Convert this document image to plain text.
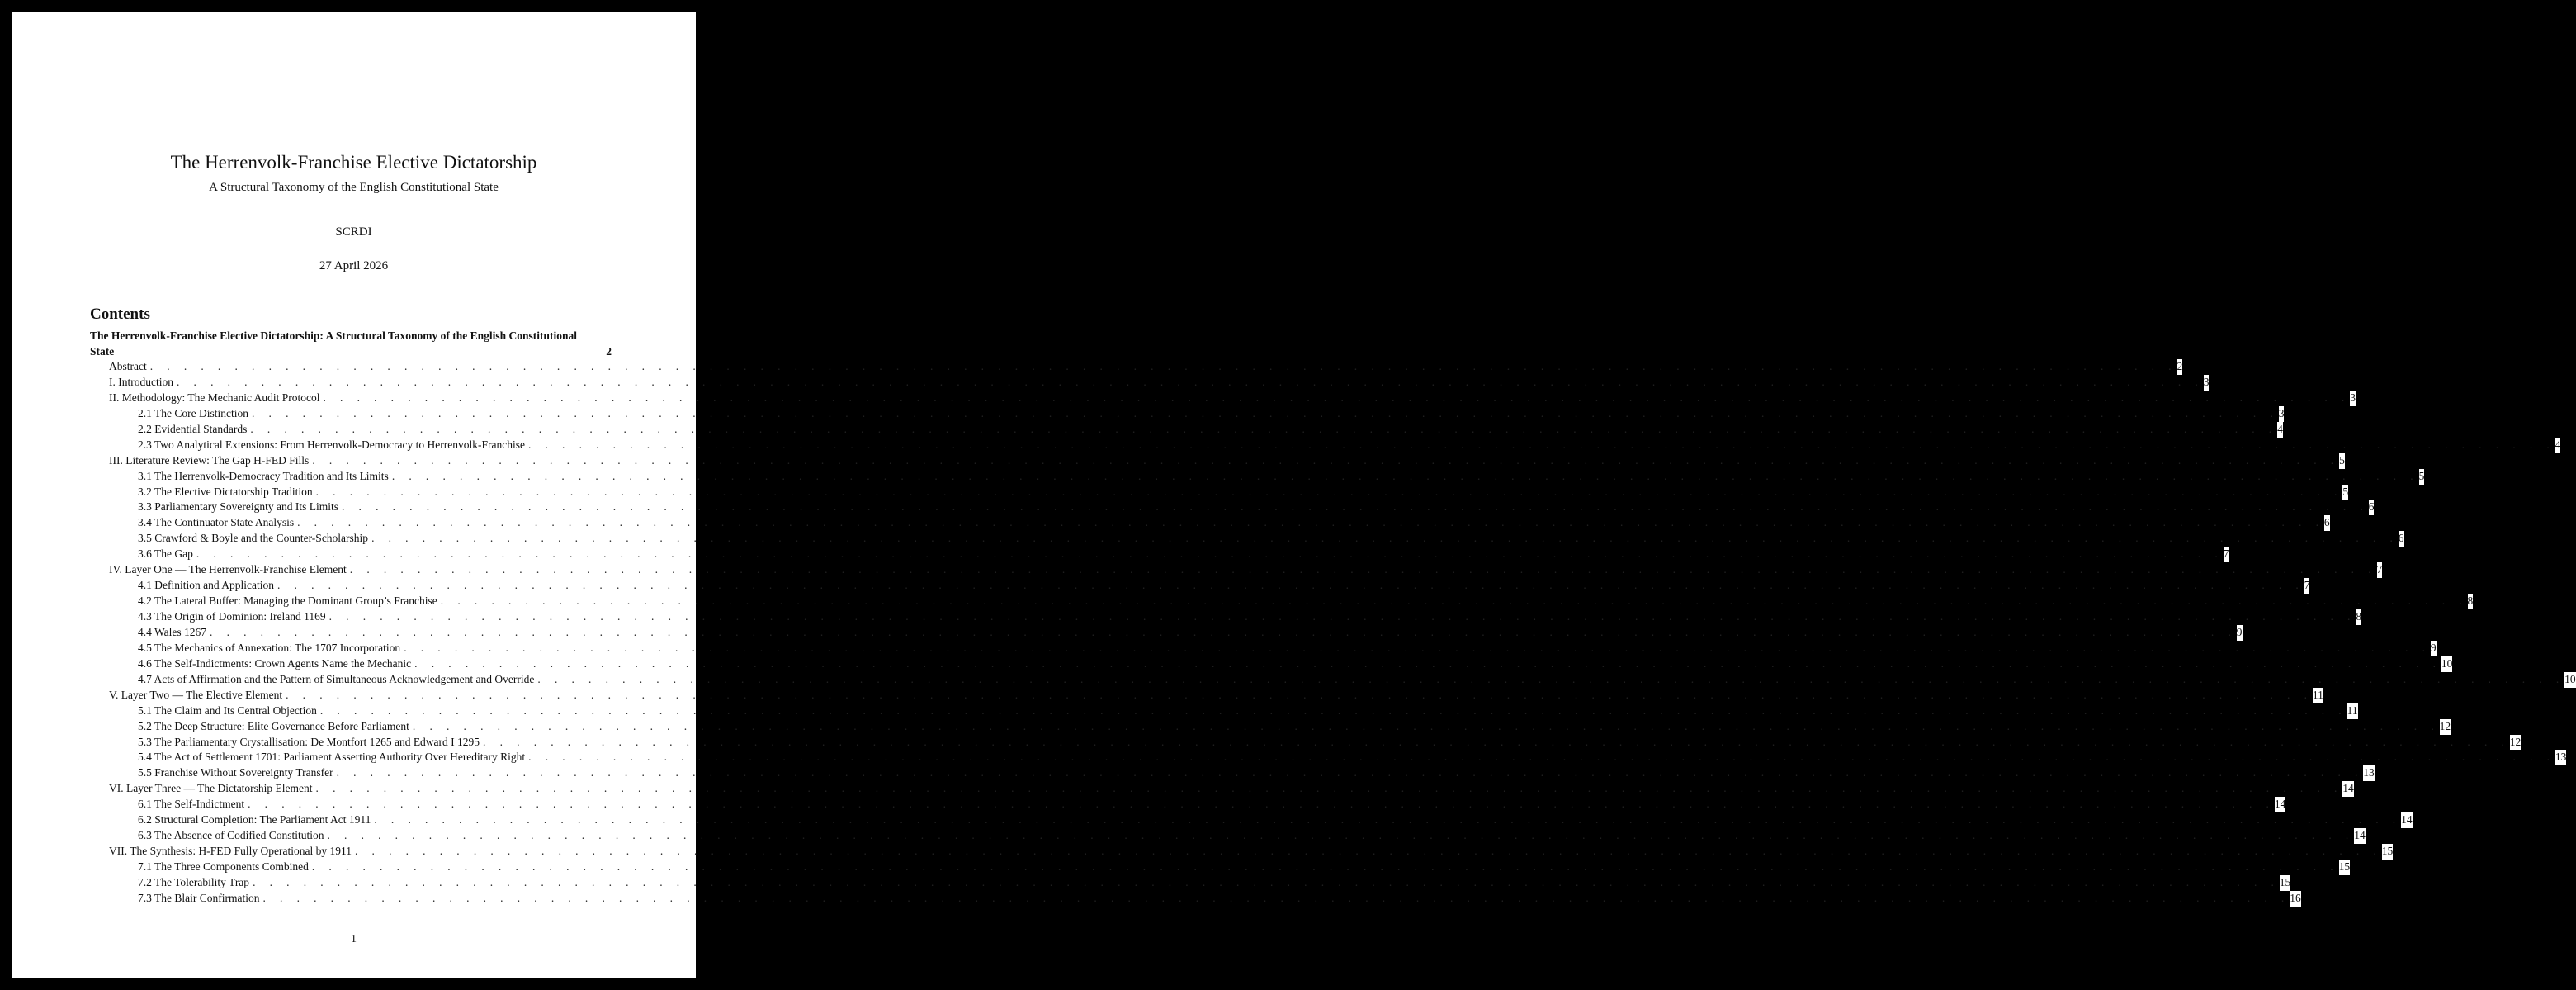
The Herrenvolk-Franchise Elective Dictatorship
A Structural Taxonomy of the English Constitutional State
SCRDI
27 April 2026
Contents
The Herrenvolk-Franchise Elective Dictatorship: A Structural Taxonomy of the English Constitutional State	2
Abstract . . . . . . . . . . . . . . . . . . . . . . . . . . . . . . . . . . . . . . . . . . . . . . . . . . . . . . . . . . . . . . . . . . . . . . . . . . . . . . . . . . . . . . . . . . . . . . . . . . . . . . . . . . . . . . . . . . . . . . . . 2
I. Introduction . . . . . . . . . . . . . . . . . . . . . . . . . . . . . . . . . . . . . . . . . . . . . . . . . . . . . . . . . . . . . . . . . . . . . . . . . . . . . . . . . . . . . . . . . . . . . . . . . . . . . . . . . . . . . . . . . . . . . . . . 3
II. Methodology: The Mechanic Audit Protocol . . . . . . . . . . . . . . . . . . . . . . . . . . . . . . . . . . . . . . . . . . . . . . . . . . . . . . . . . . . . . . . . . . . . . . . . . . . . . . . . . . . . . . . . . . . . . . . . . . . . . . . . . . . . . . . . . . . . . . . . 3
2.1 The Core Distinction . . . . . . . . . . . . . . . . . . . . . . . . . . . . . . . . . . . . . . . . . . . . . . . . . . . . . . . . . . . . . . . . . . . . . . . . . . . . . . . . . . . . . . . . . . . . . . . . . . . . . . . . . . . . . . . . . . . . . . . . 3
2.2 Evidential Standards . . . . . . . . . . . . . . . . . . . . . . . . . . . . . . . . . . . . . . . . . . . . . . . . . . . . . . . . . . . . . . . . . . . . . . . . . . . . . . . . . . . . . . . . . . . . . . . . . . . . . . . . . . . . . . . . . . . . . . . . 4
2.3 Two Analytical Extensions: From Herrenvolk-Democracy to Herrenvolk-Franchise . . . . . . . . . . . . . . . . . . . . . . . . . . . . . . . . . . . . . . . . . . . . . . . . . . . . . . . . . . . . . . . . . . . . . . . . . . . . . . . . . . . . . . . . . . . . . . . . . . . . . . . . . . . . . . . . . . . . . . . . 4
III. Literature Review: The Gap H-FED Fills . . . . . . . . . . . . . . . . . . . . . . . . . . . . . . . . . . . . . . . . . . . . . . . . . . . . . . . . . . . . . . . . . . . . . . . . . . . . . . . . . . . . . . . . . . . . . . . . . . . . . . . . . . . . . . . . . . . . . . . . 5
3.1 The Herrenvolk-Democracy Tradition and Its Limits . . . . . . . . . . . . . . . . . . . . . . . . . . . . . . . . . . . . . . . . . . . . . . . . . . . . . . . . . . . . . . . . . . . . . . . . . . . . . . . . . . . . . . . . . . . . . . . . . . . . . . . . . . . . . . . . . . . . . . . . 5
3.2 The Elective Dictatorship Tradition . . . . . . . . . . . . . . . . . . . . . . . . . . . . . . . . . . . . . . . . . . . . . . . . . . . . . . . . . . . . . . . . . . . . . . . . . . . . . . . . . . . . . . . . . . . . . . . . . . . . . . . . . . . . . . . . . . . . . . . . 5
3.3 Parliamentary Sovereignty and Its Limits . . . . . . . . . . . . . . . . . . . . . . . . . . . . . . . . . . . . . . . . . . . . . . . . . . . . . . . . . . . . . . . . . . . . . . . . . . . . . . . . . . . . . . . . . . . . . . . . . . . . . . . . . . . . . . . . . . . . . . . . 6
3.4 The Continuator State Analysis . . . . . . . . . . . . . . . . . . . . . . . . . . . . . . . . . . . . . . . . . . . . . . . . . . . . . . . . . . . . . . . . . . . . . . . . . . . . . . . . . . . . . . . . . . . . . . . . . . . . . . . . . . . . . . . . . . . . . . . . 6
3.5 Crawford & Boyle and the Counter-Scholarship . . . . . . . . . . . . . . . . . . . . . . . . . . . . . . . . . . . . . . . . . . . . . . . . . . . . . . . . . . . . . . . . . . . . . . . . . . . . . . . . . . . . . . . . . . . . . . . . . . . . . . . . . . . . . . . . . . . . . . . . 6
3.6 The Gap . . . . . . . . . . . . . . . . . . . . . . . . . . . . . . . . . . . . . . . . . . . . . . . . . . . . . . . . . . . . . . . . . . . . . . . . . . . . . . . . . . . . . . . . . . . . . . . . . . . . . . . . . . . . . . . . . . . . . . . . 7
IV. Layer One — The Herrenvolk-Franchise Element . . . . . . . . . . . . . . . . . . . . . . . . . . . . . . . . . . . . . . . . . . . . . . . . . . . . . . . . . . . . . . . . . . . . . . . . . . . . . . . . . . . . . . . . . . . . . . . . . . . . . . . . . . . . . . . . . . . . . . . . 7
4.1 Definition and Application . . . . . . . . . . . . . . . . . . . . . . . . . . . . . . . . . . . . . . . . . . . . . . . . . . . . . . . . . . . . . . . . . . . . . . . . . . . . . . . . . . . . . . . . . . . . . . . . . . . . . . . . . . . . . . . . . . . . . . . . 7
4.2 The Lateral Buffer: Managing the Dominant Group’s Franchise . . . . . . . . . . . . . . . . . . . . . . . . . . . . . . . . . . . . . . . . . . . . . . . . . . . . . . . . . . . . . . . . . . . . . . . . . . . . . . . . . . . . . . . . . . . . . . . . . . . . . . . . . . . . . . . . . . . . . . . . 8
4.3 The Origin of Dominion: Ireland 1169 . . . . . . . . . . . . . . . . . . . . . . . . . . . . . . . . . . . . . . . . . . . . . . . . . . . . . . . . . . . . . . . . . . . . . . . . . . . . . . . . . . . . . . . . . . . . . . . . . . . . . . . . . . . . . . . . . . . . . . . . 8
4.4 Wales 1267 . . . . . . . . . . . . . . . . . . . . . . . . . . . . . . . . . . . . . . . . . . . . . . . . . . . . . . . . . . . . . . . . . . . . . . . . . . . . . . . . . . . . . . . . . . . . . . . . . . . . . . . . . . . . . . . . . . . . . . . . 9
4.5 The Mechanics of Annexation: The 1707 Incorporation . . . . . . . . . . . . . . . . . . . . . . . . . . . . . . . . . . . . . . . . . . . . . . . . . . . . . . . . . . . . . . . . . . . . . . . . . . . . . . . . . . . . . . . . . . . . . . . . . . . . . . . . . . . . . . . . . . . . . . . . 9
4.6 The Self-Indictments: Crown Agents Name the Mechanic . . . . . . . . . . . . . . . . . . . . . . . . . . . . . . . . . . . . . . . . . . . . . . . . . . . . . . . . . . . . . . . . . . . . . . . . . . . . . . . . . . . . . . . . . . . . . . . . . . . . . . . . . . . . . . . . . . . . . . . . 10
4.7 Acts of Affirmation and the Pattern of Simultaneous Acknowledgement and Override . . . . . . . . . . . . . . . . . . . . . . . . . . . . . . . . . . . . . . . . . . . . . . . . . . . . . . . . . . . . . . . . . . . . . . . . . . . . . . . . . . . . . . . . . . . . . . . . . . . . . . . . . . . . . . . . . . . . . . . . 10
V. Layer Two — The Elective Element . . . . . . . . . . . . . . . . . . . . . . . . . . . . . . . . . . . . . . . . . . . . . . . . . . . . . . . . . . . . . . . . . . . . . . . . . . . . . . . . . . . . . . . . . . . . . . . . . . . . . . . . . . . . . . . . . . . . . . . . 11
5.1 The Claim and Its Central Objection . . . . . . . . . . . . . . . . . . . . . . . . . . . . . . . . . . . . . . . . . . . . . . . . . . . . . . . . . . . . . . . . . . . . . . . . . . . . . . . . . . . . . . . . . . . . . . . . . . . . . . . . . . . . . . . . . . . . . . . . 11
5.2 The Deep Structure: Elite Governance Before Parliament . . . . . . . . . . . . . . . . . . . . . . . . . . . . . . . . . . . . . . . . . . . . . . . . . . . . . . . . . . . . . . . . . . . . . . . . . . . . . . . . . . . . . . . . . . . . . . . . . . . . . . . . . . . . . . . . . . . . . . . . 12
5.3 The Parliamentary Crystallisation: De Montfort 1265 and Edward I 1295 . . . . . . . . . . . . . . . . . . . . . . . . . . . . . . . . . . . . . . . . . . . . . . . . . . . . . . . . . . . . . . . . . . . . . . . . . . . . . . . . . . . . . . . . . . . . . . . . . . . . . . . . . . . . . . . . . . . . . . . . 12
5.4 The Act of Settlement 1701: Parliament Asserting Authority Over Hereditary Right . . . . . . . . . . . . . . . . . . . . . . . . . . . . . . . . . . . . . . . . . . . . . . . . . . . . . . . . . . . . . . . . . . . . . . . . . . . . . . . . . . . . . . . . . . . . . . . . . . . . . . . . . . . . . . . . . . . . . . . . 13
5.5 Franchise Without Sovereignty Transfer . . . . . . . . . . . . . . . . . . . . . . . . . . . . . . . . . . . . . . . . . . . . . . . . . . . . . . . . . . . . . . . . . . . . . . . . . . . . . . . . . . . . . . . . . . . . . . . . . . . . . . . . . . . . . . . . . . . . . . . . 13
VI. Layer Three — The Dictatorship Element . . . . . . . . . . . . . . . . . . . . . . . . . . . . . . . . . . . . . . . . . . . . . . . . . . . . . . . . . . . . . . . . . . . . . . . . . . . . . . . . . . . . . . . . . . . . . . . . . . . . . . . . . . . . . . . . . . . . . . . . 14
6.1 The Self-Indictment . . . . . . . . . . . . . . . . . . . . . . . . . . . . . . . . . . . . . . . . . . . . . . . . . . . . . . . . . . . . . . . . . . . . . . . . . . . . . . . . . . . . . . . . . . . . . . . . . . . . . . . . . . . . . . . . . . . . . . . . 14
6.2 Structural Completion: The Parliament Act 1911 . . . . . . . . . . . . . . . . . . . . . . . . . . . . . . . . . . . . . . . . . . . . . . . . . . . . . . . . . . . . . . . . . . . . . . . . . . . . . . . . . . . . . . . . . . . . . . . . . . . . . . . . . . . . . . . . . . . . . . . . 14
6.3 The Absence of Codified Constitution . . . . . . . . . . . . . . . . . . . . . . . . . . . . . . . . . . . . . . . . . . . . . . . . . . . . . . . . . . . . . . . . . . . . . . . . . . . . . . . . . . . . . . . . . . . . . . . . . . . . . . . . . . . . . . . . . . . . . . . . 14
VII. The Synthesis: H-FED Fully Operational by 1911 . . . . . . . . . . . . . . . . . . . . . . . . . . . . . . . . . . . . . . . . . . . . . . . . . . . . . . . . . . . . . . . . . . . . . . . . . . . . . . . . . . . . . . . . . . . . . . . . . . . . . . . . . . . . . . . . . . . . . . . . 15
7.1 The Three Components Combined . . . . . . . . . . . . . . . . . . . . . . . . . . . . . . . . . . . . . . . . . . . . . . . . . . . . . . . . . . . . . . . . . . . . . . . . . . . . . . . . . . . . . . . . . . . . . . . . . . . . . . . . . . . . . . . . . . . . . . . . 15
7.2 The Tolerability Trap . . . . . . . . . . . . . . . . . . . . . . . . . . . . . . . . . . . . . . . . . . . . . . . . . . . . . . . . . . . . . . . . . . . . . . . . . . . . . . . . . . . . . . . . . . . . . . . . . . . . . . . . . . . . . . . . . . . . . . . . 15
7.3 The Blair Confirmation . . . . . . . . . . . . . . . . . . . . . . . . . . . . . . . . . . . . . . . . . . . . . . . . . . . . . . . . . . . . . . . . . . . . . . . . . . . . . . . . . . . . . . . . . . . . . . . . . . . . . . . . . . . . . . . . . . . . . . . . 16
1
